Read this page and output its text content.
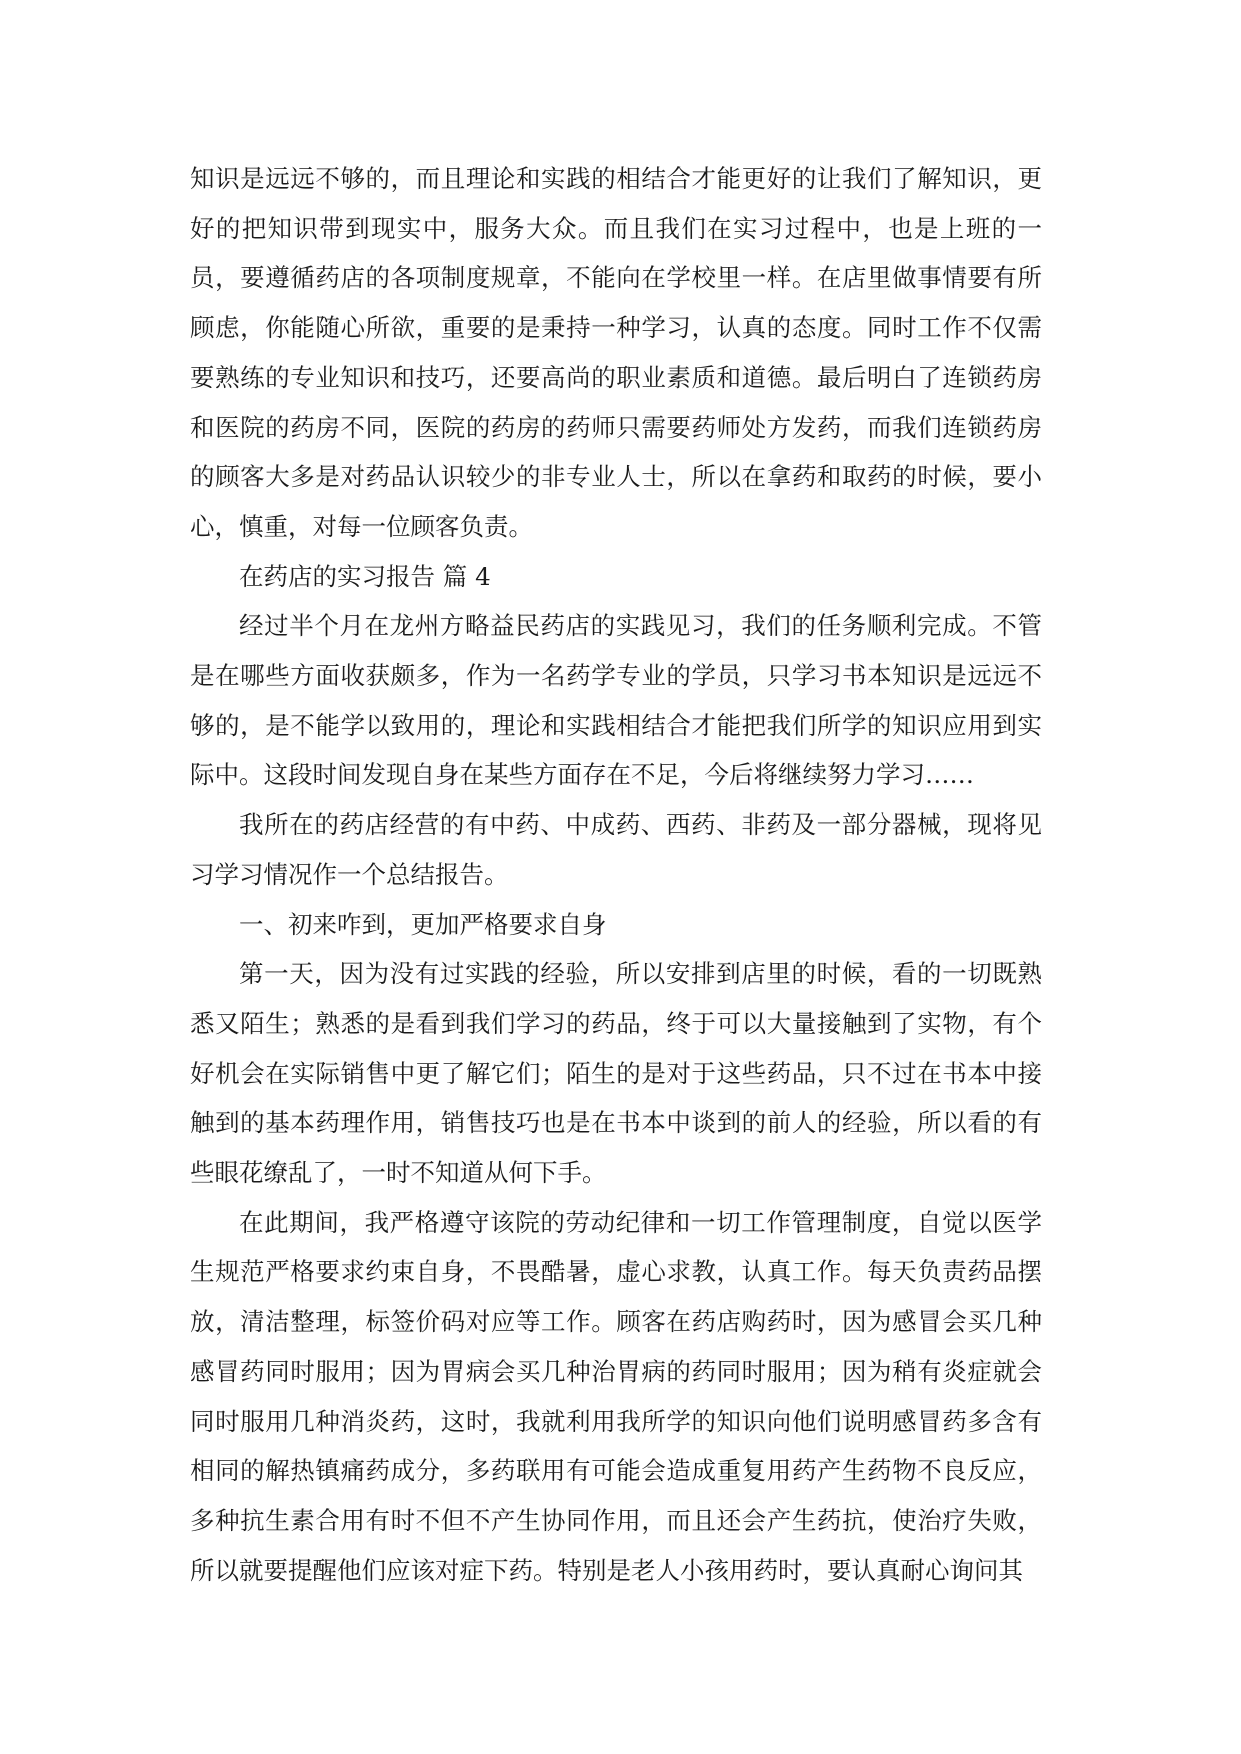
知识是远远不够的，而且理论和实践的相结合才能更好的让我们了解知识，更好的把知识带到现实中，服务大众。而且我们在实习过程中，也是上班的一员，要遵循药店的各项制度规章，不能向在学校里一样。在店里做事情要有所顾虑，你能随心所欲，重要的是秉持一种学习，认真的态度。同时工作不仅需要熟练的专业知识和技巧，还要高尚的职业素质和道德。最后明白了连锁药房和医院的药房不同，医院的药房的药师只需要药师处方发药，而我们连锁药房的顾客大多是对药品认识较少的非专业人士，所以在拿药和取药的时候，要小心，慎重，对每一位顾客负责。

在药店的实习报告 篇 4

经过半个月在龙州方略益民药店的实践见习，我们的任务顺利完成。不管是在哪些方面收获颇多，作为一名药学专业的学员，只学习书本知识是远远不够的，是不能学以致用的，理论和实践相结合才能把我们所学的知识应用到实际中。这段时间发现自身在某些方面存在不足，今后将继续努力学习……

我所在的药店经营的有中药、中成药、西药、非药及一部分器械，现将见习学习情况作一个总结报告。

一、初来咋到，更加严格要求自身

第一天，因为没有过实践的经验，所以安排到店里的时候，看的一切既熟悉又陌生；熟悉的是看到我们学习的药品，终于可以大量接触到了实物，有个好机会在实际销售中更了解它们；陌生的是对于这些药品，只不过在书本中接触到的基本药理作用，销售技巧也是在书本中谈到的前人的经验，所以看的有些眼花缭乱了，一时不知道从何下手。

在此期间，我严格遵守该院的劳动纪律和一切工作管理制度，自觉以医学生规范严格要求约束自身，不畏酷暑，虚心求教，认真工作。每天负责药品摆放，清洁整理，标签价码对应等工作。顾客在药店购药时，因为感冒会买几种感冒药同时服用；因为胃病会买几种治胃病的药同时服用；因为稍有炎症就会同时服用几种消炎药，这时，我就利用我所学的知识向他们说明感冒药多含有相同的解热镇痛药成分，多药联用有可能会造成重复用药产生药物不良反应，多种抗生素合用有时不但不产生协同作用，而且还会产生药抗，使治疗失败，所以就要提醒他们应该对症下药。特别是老人小孩用药时，要认真耐心询问其
